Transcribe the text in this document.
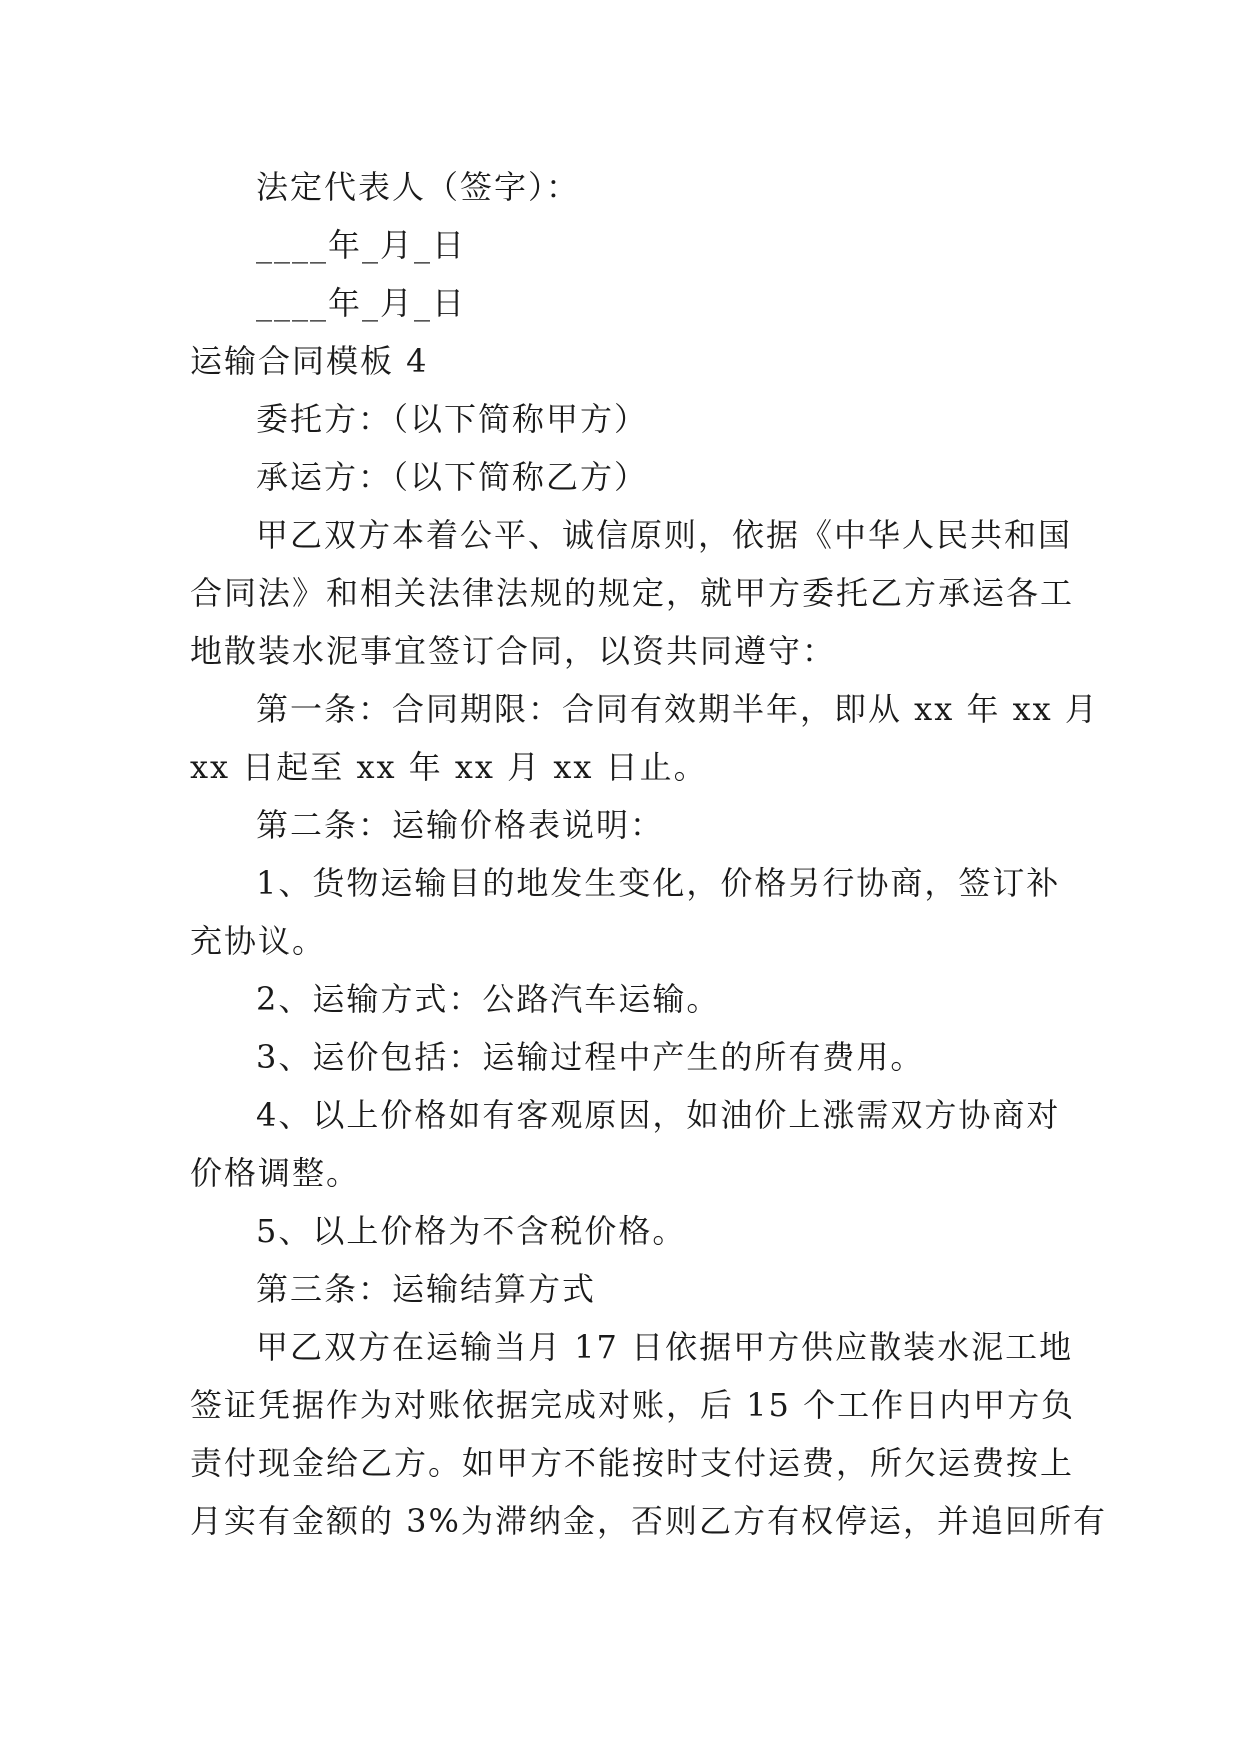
法定代表人（签字）：
____年_月_日
____年_月_日
运输合同模板 4
委托方：（以下简称甲方）
承运方：（以下简称乙方）
甲乙双方本着公平、诚信原则，依据《中华人民共和国
合同法》和相关法律法规的规定，就甲方委托乙方承运各工
地散装水泥事宜签订合同，以资共同遵守：
第一条：合同期限：合同有效期半年，即从 xx 年 xx 月
xx 日起至 xx 年 xx 月 xx 日止。
第二条：运输价格表说明：
1、货物运输目的地发生变化，价格另行协商，签订补
充协议。
2、运输方式：公路汽车运输。
3、运价包括：运输过程中产生的所有费用。
4、以上价格如有客观原因，如油价上涨需双方协商对
价格调整。
5、以上价格为不含税价格。
第三条：运输结算方式
甲乙双方在运输当月 17 日依据甲方供应散装水泥工地
签证凭据作为对账依据完成对账，后 15 个工作日内甲方负
责付现金给乙方。如甲方不能按时支付运费，所欠运费按上
月实有金额的 3%为滞纳金，否则乙方有权停运，并追回所有
